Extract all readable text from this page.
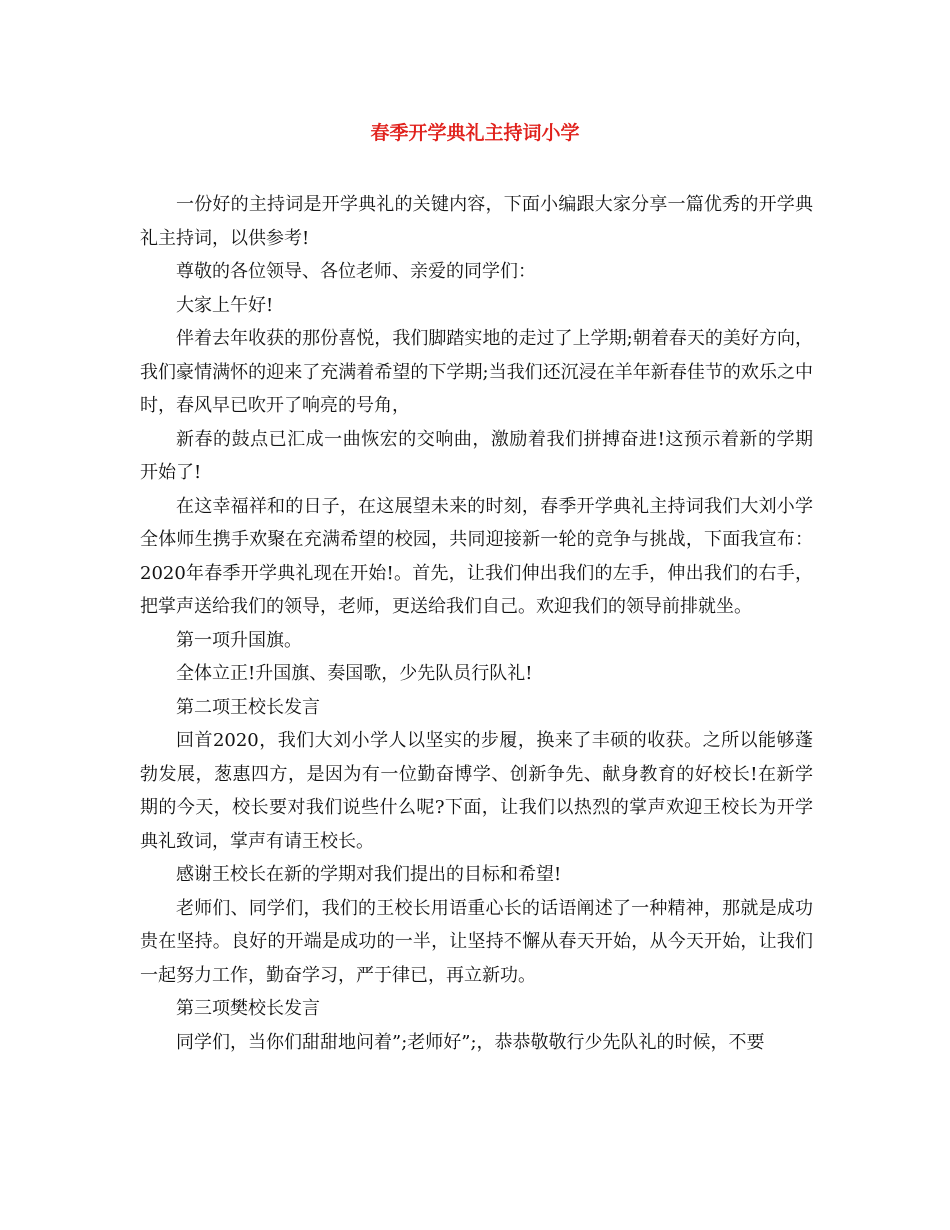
春季开学典礼主持词小学

一份好的主持词是开学典礼的关键内容，下面小编跟大家分享一篇优秀的开学典礼主持词，以供参考!

尊敬的各位领导、各位老师、亲爱的同学们：

大家上午好!

伴着去年收获的那份喜悦，我们脚踏实地的走过了上学期;朝着春天的美好方向，我们豪情满怀的迎来了充满着希望的下学期;当我们还沉浸在羊年新春佳节的欢乐之中时，春风早已吹开了响亮的号角，

新春的鼓点已汇成一曲恢宏的交响曲，激励着我们拼搏奋进!这预示着新的学期开始了!

在这幸福祥和的日子，在这展望未来的时刻，春季开学典礼主持词我们大刘小学全体师生携手欢聚在充满希望的校园，共同迎接新一轮的竞争与挑战，下面我宣布：2020年春季开学典礼现在开始!。首先，让我们伸出我们的左手，伸出我们的右手，把掌声送给我们的领导，老师，更送给我们自己。欢迎我们的领导前排就坐。

第一项升国旗。

全体立正!升国旗、奏国歌，少先队员行队礼!

第二项王校长发言

回首2020，我们大刘小学人以坚实的步履，换来了丰硕的收获。之所以能够蓬勃发展，葱惠四方，是因为有一位勤奋博学、创新争先、献身教育的好校长!在新学期的今天，校长要对我们说些什么呢?下面，让我们以热烈的掌声欢迎王校长为开学典礼致词，掌声有请王校长。

感谢王校长在新的学期对我们提出的目标和希望!

老师们、同学们，我们的王校长用语重心长的话语阐述了一种精神，那就是成功贵在坚持。良好的开端是成功的一半，让坚持不懈从春天开始，从今天开始，让我们一起努力工作，勤奋学习，严于律已，再立新功。

第三项樊校长发言

同学们，当你们甜甜地问着”;老师好”;，恭恭敬敬行少先队礼的时候，不要
